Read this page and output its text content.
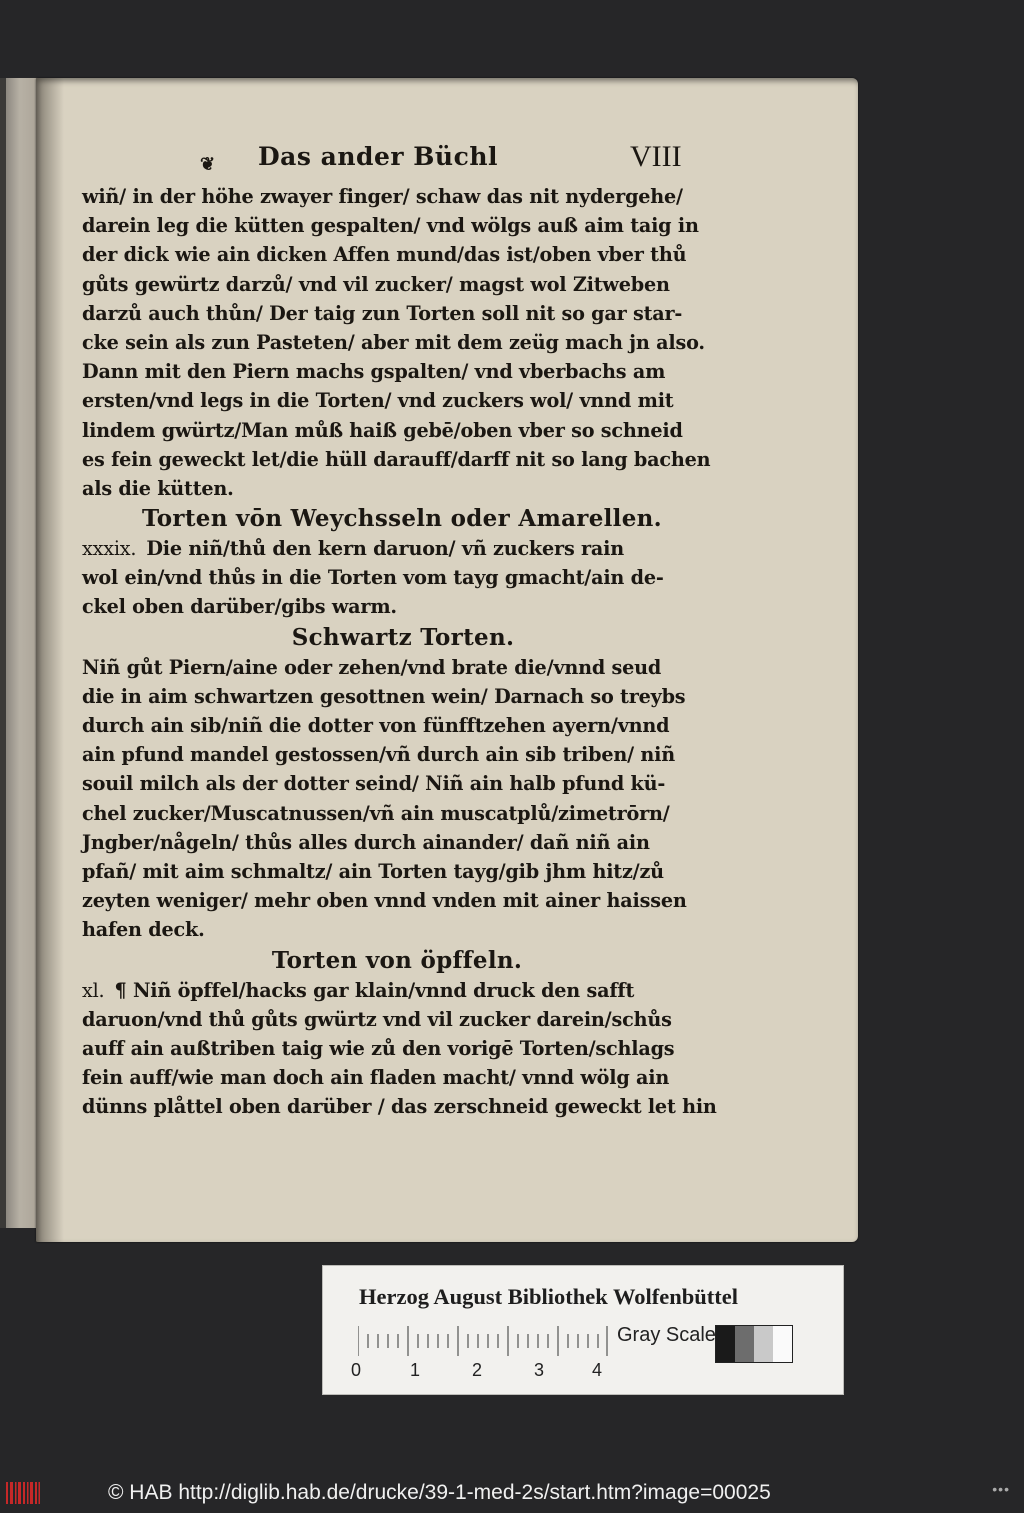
❦ Das ander Büchl	VIII
wiñ/ in der höhe zwayer finger/ schaw das nit nydergehe/
darein leg die kütten gespalten/ vnd wölgs auß aim taig in
der dick wie ain dicken Affen mund/das ist/oben vber thů
gůts gewürtz darzů/ vnd vil zucker/ magst wol Zitweben
darzů auch thůn/ Der taig zun Torten soll nit so gar star-
cke sein als zun Pasteten/ aber mit dem zeüg mach jn also.
Dann mit den Piern machs gspalten/ vnd vberbachs am
ersten/vnd legs in die Torten/ vnd zuckers wol/ vnnd mit
lindem gwürtz/Man můß haiß gebē/oben vber so schneid
es fein geweckt let/die hüll darauff/darff nit so lang bachen
als die kütten.
Torten vōn Weychsseln oder Amarellen.
xxxix. Die niñ/thů den kern daruon/ vñ zuckers rain
wol ein/vnd thůs in die Torten vom tayg gmacht/ain de-
ckel oben darüber/gibs warm.
Schwartz Torten.
Niñ gůt Piern/aine oder zehen/vnd brate die/vnnd seud
die in aim schwartzen gesottnen wein/ Darnach so treybs
durch ain sib/niñ die dotter von fünfftzehen ayern/vnnd
ain pfund mandel gestossen/vñ durch ain sib triben/ niñ
souil milch als der dotter seind/ Niñ ain halb pfund kü-
chel zucker/Muscatnussen/vñ ain muscatplů/zimetrōrn/
Jngber/någeln/ thůs alles durch ainander/ dañ niñ ain
pfañ/ mit aim schmaltz/ ain Torten tayg/gib jhm hitz/zů
zeyten weniger/ mehr oben vnnd vnden mit ainer haissen
hafen deck.
Torten von öpffeln.
xl. ¶ Niñ öpffel/hacks gar klain/vnnd druck den safft
daruon/vnd thů gůts gwürtz vnd vil zucker darein/schůs
auff ain außtriben taig wie zů den vorigē Torten/schlags
fein auff/wie man doch ain fladen macht/ vnnd wölg ain
dünns plåttel oben darüber / das zerschneid geweckt let hin
Herzog August Bibliothek Wolfenbüttel
0	1	2	3	4
Gray Scale
© HAB http://diglib.hab.de/drucke/39-1-med-2s/start.htm?image=00025	•••
